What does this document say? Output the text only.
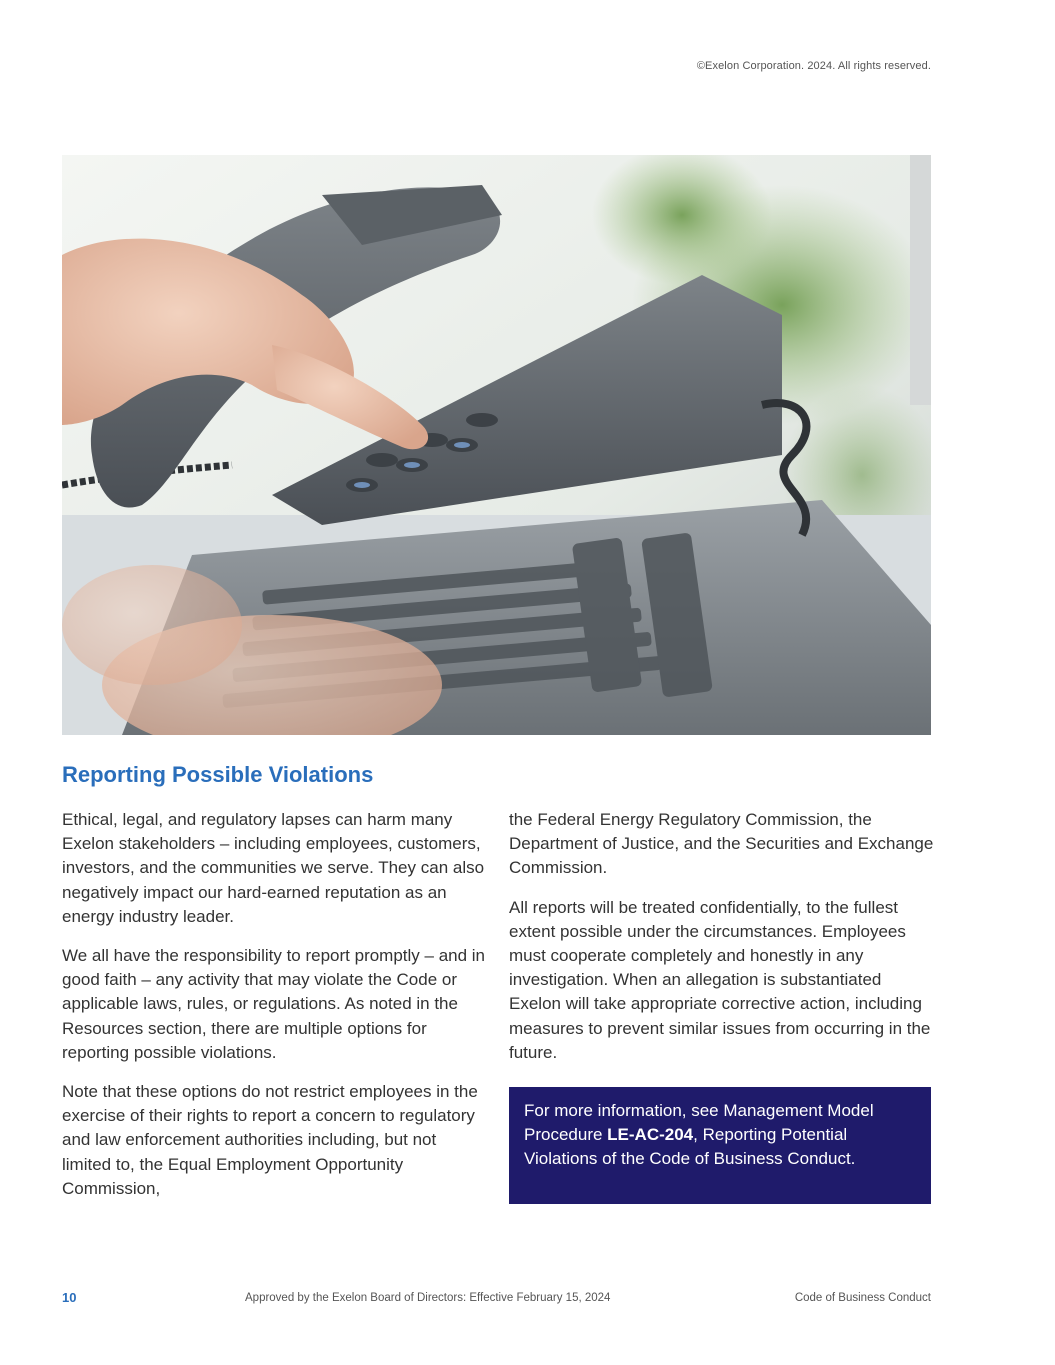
©Exelon Corporation. 2024. All rights reserved.
Reporting Possible Violations

Ethical, legal, and regulatory lapses can harm many Exelon stakeholders – including employees, customers, investors, and the communities we serve. They can also negatively impact our hard-earned reputation as an energy industry leader.

We all have the responsibility to report promptly – and in good faith – any activity that may violate the Code or applicable laws, rules, or regulations. As noted in the Resources section, there are multiple options for reporting possible violations.

Note that these options do not restrict employees in the exercise of their rights to report a concern to regulatory and law enforcement authorities including, but not limited to, the Equal Employment Opportunity Commission,

the Federal Energy Regulatory Commission, the Department of Justice, and the Securities and Exchange Commission.

All reports will be treated confidentially, to the fullest extent possible under the circumstances. Employees must cooperate completely and honestly in any investigation. When an allegation is substantiated Exelon will take appropriate corrective action, including measures to prevent similar issues from occurring in the future.

For more information, see Management Model Procedure LE-AC-204, Reporting Potential Violations of the Code of Business Conduct.
10	Approved by the Exelon Board of Directors: Effective February 15, 2024	Code of Business Conduct
